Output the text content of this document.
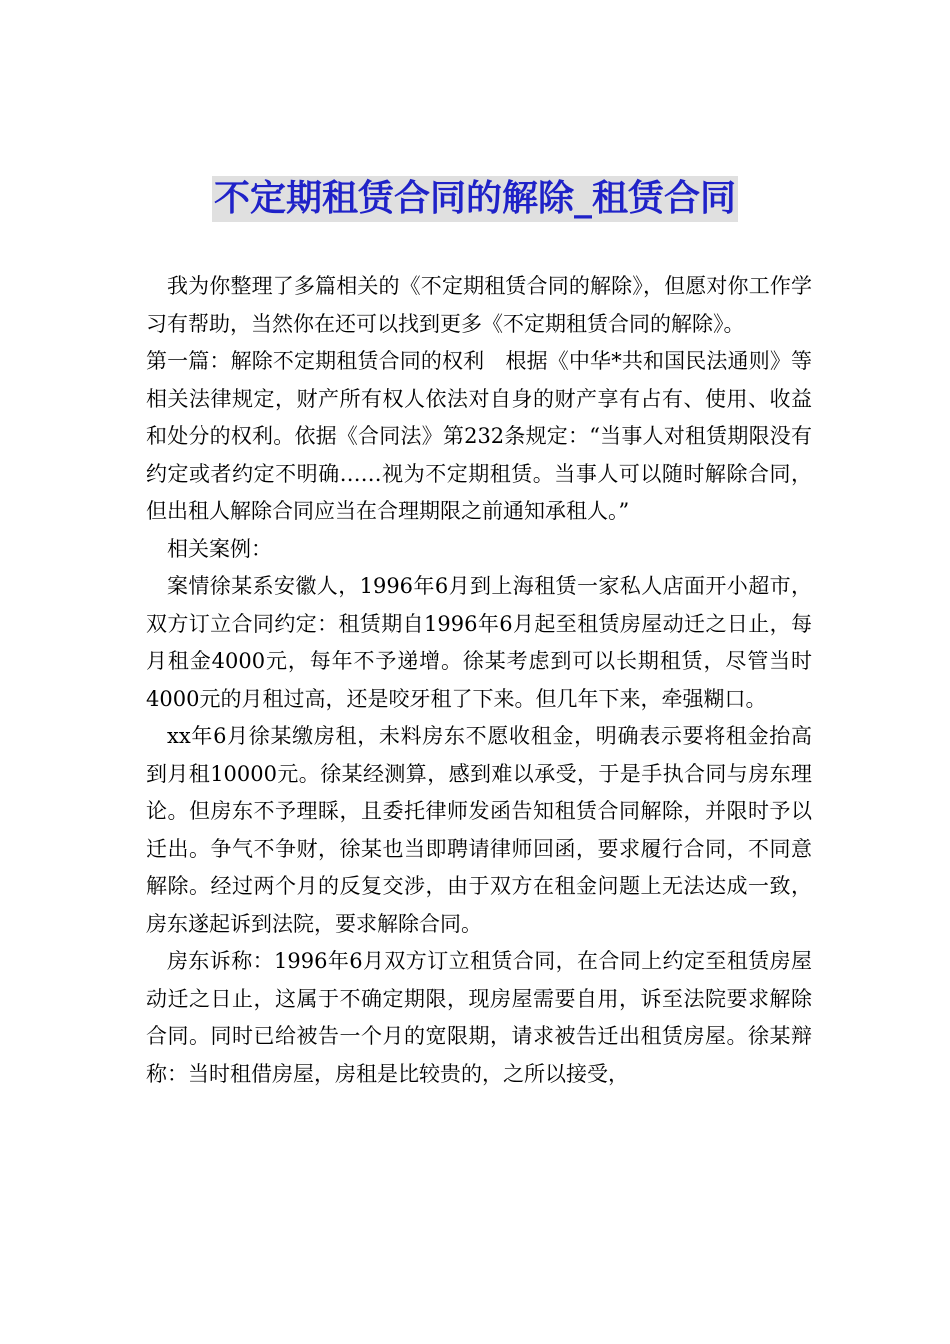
不定期租赁合同的解除_租赁合同

我为你整理了多篇相关的《不定期租赁合同的解除》，但愿对你工作学习有帮助，当然你在还可以找到更多《不定期租赁合同的解除》。

第一篇：解除不定期租赁合同的权利　根据《中华*共和国民法通则》等相关法律规定，财产所有权人依法对自身的财产享有占有、使用、收益和处分的权利。依据《合同法》第232条规定：“当事人对租赁期限没有约定或者约定不明确……视为不定期租赁。当事人可以随时解除合同，但出租人解除合同应当在合理期限之前通知承租人。”

相关案例：

案情徐某系安徽人，1996年6月到上海租赁一家私人店面开小超市，双方订立合同约定：租赁期自1996年6月起至租赁房屋动迁之日止，每月租金4000元，每年不予递增。徐某考虑到可以长期租赁，尽管当时4000元的月租过高，还是咬牙租了下来。但几年下来，牵强糊口。

xx年6月徐某缴房租，未料房东不愿收租金，明确表示要将租金抬高到月租10000元。徐某经测算，感到难以承受，于是手执合同与房东理论。但房东不予理睬，且委托律师发函告知租赁合同解除，并限时予以迁出。争气不争财，徐某也当即聘请律师回函，要求履行合同，不同意解除。经过两个月的反复交涉，由于双方在租金问题上无法达成一致，房东遂起诉到法院，要求解除合同。

房东诉称：1996年6月双方订立租赁合同，在合同上约定至租赁房屋动迁之日止，这属于不确定期限，现房屋需要自用，诉至法院要求解除合同。同时已给被告一个月的宽限期，请求被告迁出租赁房屋。徐某辩称：当时租借房屋，房租是比较贵的，之所以接受，
